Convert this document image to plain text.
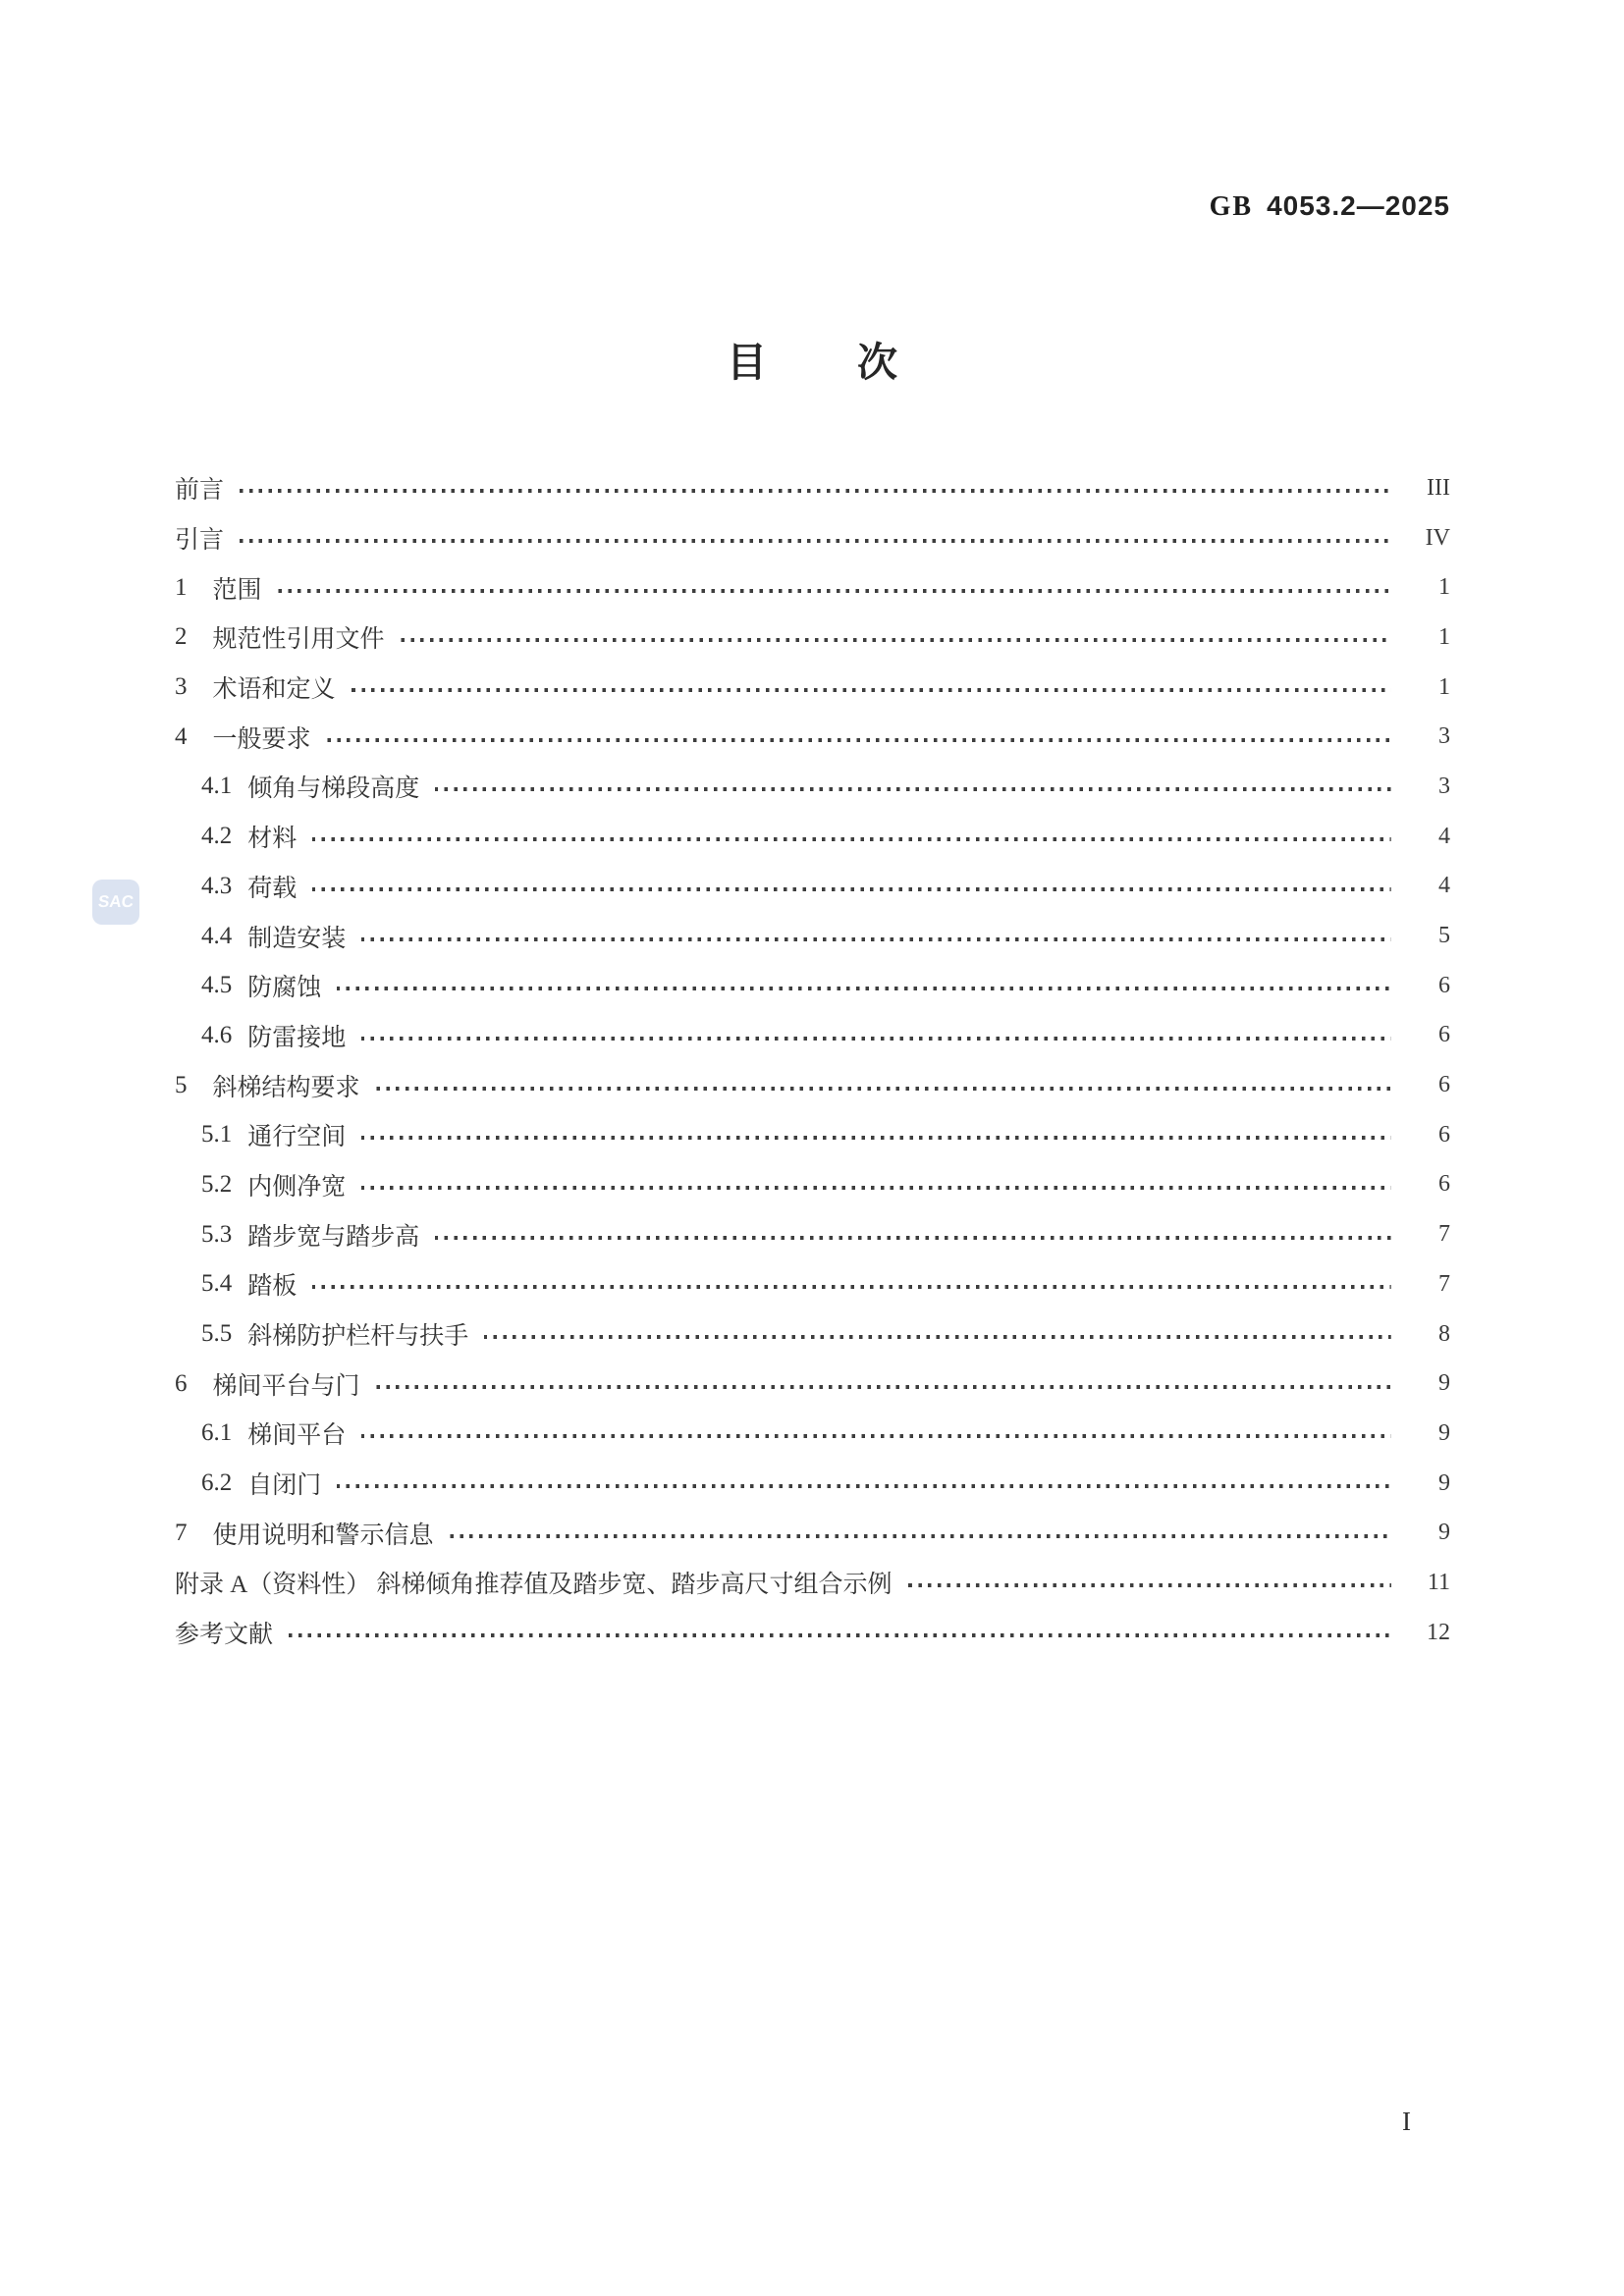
GB 4053.2—2025
目 次
SAC
前言	III
引言	IV
1 范围	1
2 规范性引用文件	1
3 术语和定义	1
4 一般要求	3
4.1 倾角与梯段高度	3
4.2 材料	4
4.3 荷载	4
4.4 制造安装	5
4.5 防腐蚀	6
4.6 防雷接地	6
5 斜梯结构要求	6
5.1 通行空间	6
5.2 内侧净宽	6
5.3 踏步宽与踏步高	7
5.4 踏板	7
5.5 斜梯防护栏杆与扶手	8
6 梯间平台与门	9
6.1 梯间平台	9
6.2 自闭门	9
7 使用说明和警示信息	9
附录 A（资料性） 斜梯倾角推荐值及踏步宽、踏步高尺寸组合示例	11
参考文献	12
I
